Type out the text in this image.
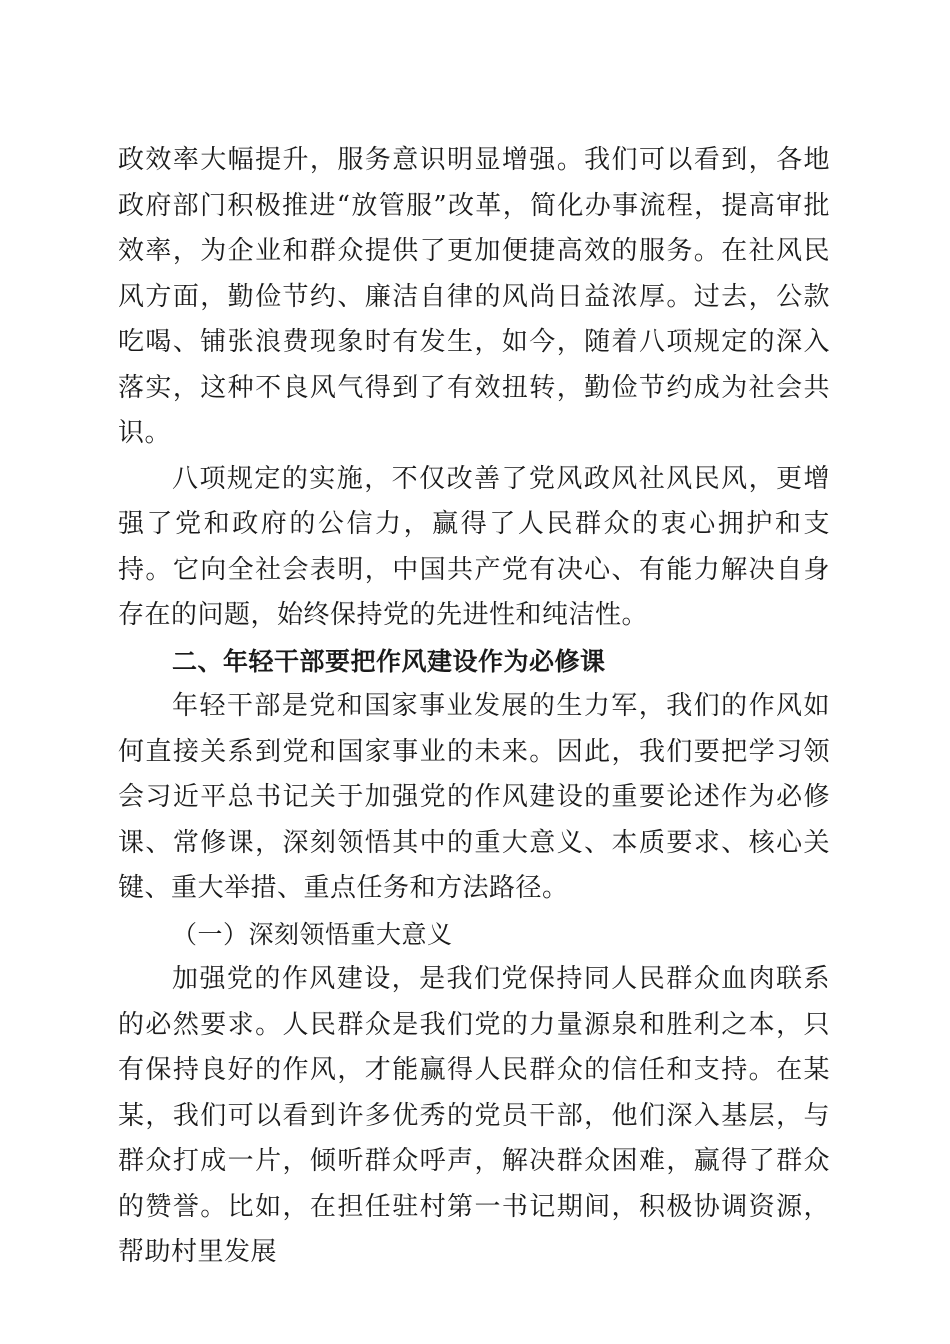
政效率大幅提升，服务意识明显增强。我们可以看到，各地政府部门积极推进“放管服”改革，简化办事流程，提高审批效率，为企业和群众提供了更加便捷高效的服务。在社风民风方面，勤俭节约、廉洁自律的风尚日益浓厚。过去，公款吃喝、铺张浪费现象时有发生，如今，随着八项规定的深入落实，这种不良风气得到了有效扭转，勤俭节约成为社会共识。

八项规定的实施，不仅改善了党风政风社风民风，更增强了党和政府的公信力，赢得了人民群众的衷心拥护和支持。它向全社会表明，中国共产党有决心、有能力解决自身存在的问题，始终保持党的先进性和纯洁性。

二、年轻干部要把作风建设作为必修课

年轻干部是党和国家事业发展的生力军，我们的作风如何直接关系到党和国家事业的未来。因此，我们要把学习领会习近平总书记关于加强党的作风建设的重要论述作为必修课、常修课，深刻领悟其中的重大意义、本质要求、核心关键、重大举措、重点任务和方法路径。

（一）深刻领悟重大意义

加强党的作风建设，是我们党保持同人民群众血肉联系的必然要求。人民群众是我们党的力量源泉和胜利之本，只有保持良好的作风，才能赢得人民群众的信任和支持。在某某，我们可以看到许多优秀的党员干部，他们深入基层，与群众打成一片，倾听群众呼声，解决群众困难，赢得了群众的赞誉。比如，在担任驻村第一书记期间，积极协调资源，帮助村里发展
